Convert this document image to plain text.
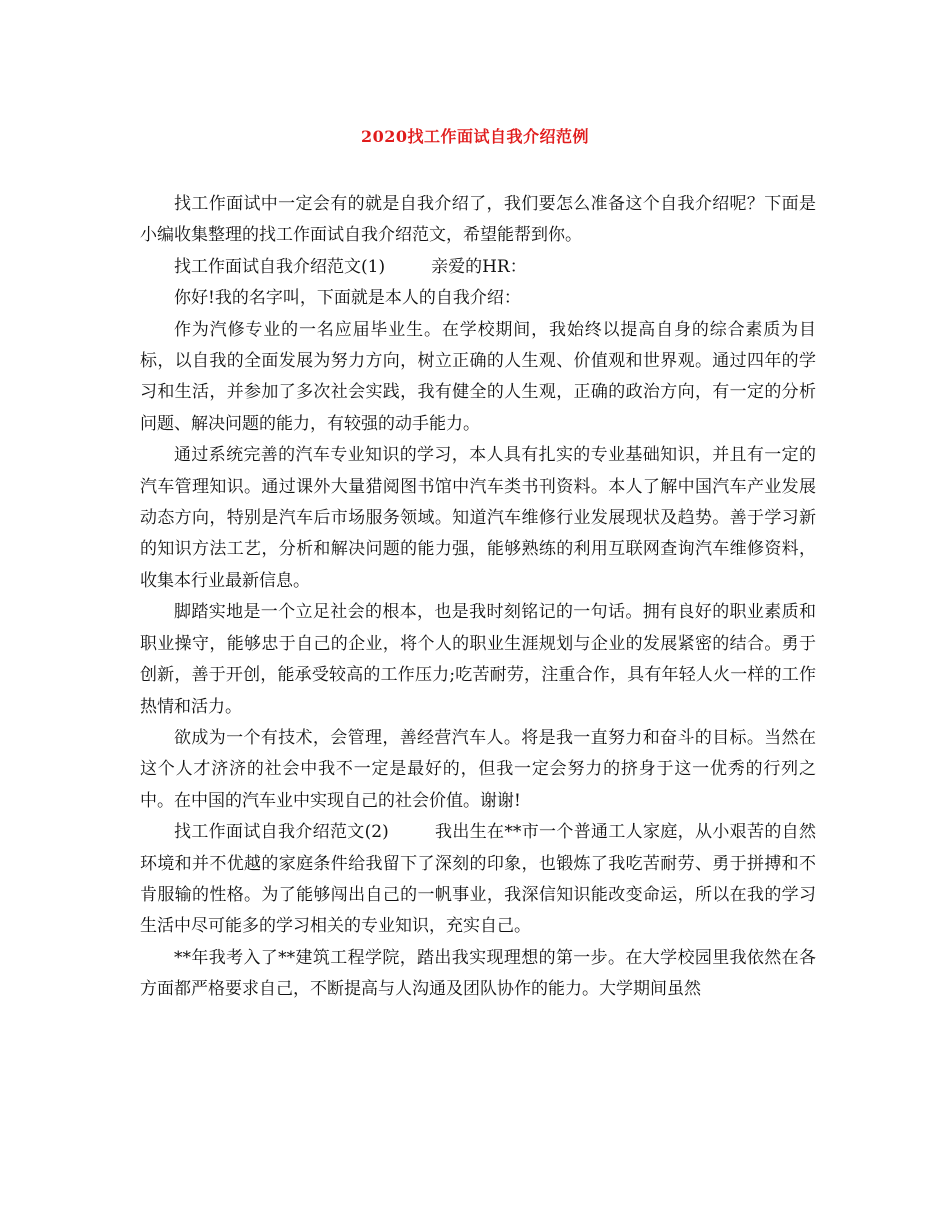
2020找工作面试自我介绍范例

找工作面试中一定会有的就是自我介绍了，我们要怎么准备这个自我介绍呢？下面是小编收集整理的找工作面试自我介绍范文，希望能帮到你。

找工作面试自我介绍范文(1)	亲爱的HR：

你好!我的名字叫，下面就是本人的自我介绍：

作为汽修专业的一名应届毕业生。在学校期间，我始终以提高自身的综合素质为目标，以自我的全面发展为努力方向，树立正确的人生观、价值观和世界观。通过四年的学习和生活，并参加了多次社会实践，我有健全的人生观，正确的政治方向，有一定的分析问题、解决问题的能力，有较强的动手能力。

通过系统完善的汽车专业知识的学习，本人具有扎实的专业基础知识，并且有一定的汽车管理知识。通过课外大量猎阅图书馆中汽车类书刊资料。本人了解中国汽车产业发展动态方向，特别是汽车后市场服务领域。知道汽车维修行业发展现状及趋势。善于学习新的知识方法工艺，分析和解决问题的能力强，能够熟练的利用互联网查询汽车维修资料，收集本行业最新信息。

脚踏实地是一个立足社会的根本，也是我时刻铭记的一句话。拥有良好的职业素质和职业操守，能够忠于自己的企业，将个人的职业生涯规划与企业的发展紧密的结合。勇于创新，善于开创，能承受较高的工作压力;吃苦耐劳，注重合作，具有年轻人火一样的工作热情和活力。

欲成为一个有技术，会管理，善经营汽车人。将是我一直努力和奋斗的目标。当然在这个人才济济的社会中我不一定是最好的，但我一定会努力的挤身于这一优秀的行列之中。在中国的汽车业中实现自己的社会价值。谢谢!

找工作面试自我介绍范文(2)	我出生在**市一个普通工人家庭，从小艰苦的自然环境和并不优越的家庭条件给我留下了深刻的印象，也锻炼了我吃苦耐劳、勇于拼搏和不肯服输的性格。为了能够闯出自己的一帆事业，我深信知识能改变命运，所以在我的学习生活中尽可能多的学习相关的专业知识，充实自己。

**年我考入了**建筑工程学院，踏出我实现理想的第一步。在大学校园里我依然在各方面都严格要求自己，不断提高与人沟通及团队协作的能力。大学期间虽然
